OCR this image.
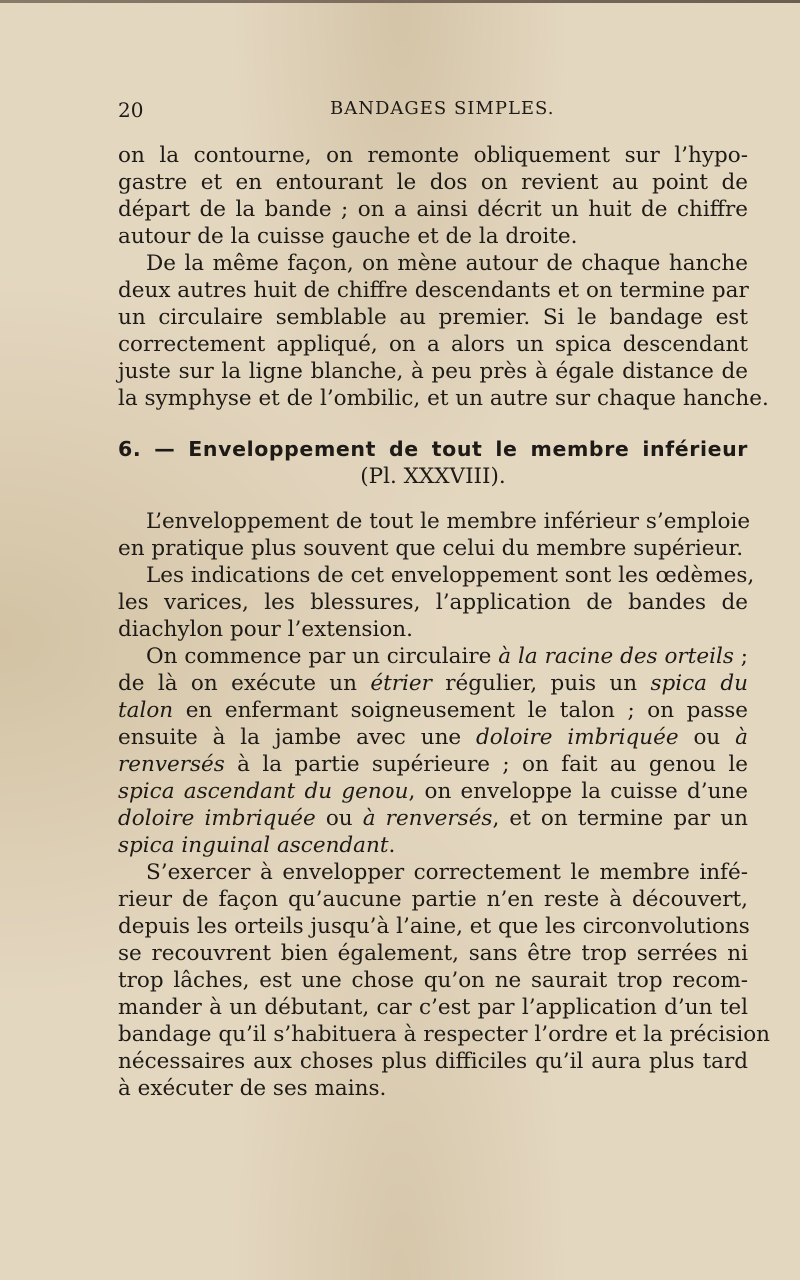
20	BANDAGES SIMPLES.
on la contourne, on remonte obliquement sur l’hypo-
gastre et en entourant le dos on revient au point de
départ de la bande ; on a ainsi décrit un huit de chiffre
autour de la cuisse gauche et de la droite.
De la même façon, on mène autour de chaque hanche
deux autres huit de chiffre descendants et on termine par
un circulaire semblable au premier. Si le bandage est
correctement appliqué, on a alors un spica descendant
juste sur la ligne blanche, à peu près à égale distance de
la symphyse et de l’ombilic, et un autre sur chaque hanche.
6. — Enveloppement de tout le membre inférieur
(Pl. XXXVIII).
L’enveloppement de tout le membre inférieur s’emploie
en pratique plus souvent que celui du membre supérieur.
Les indications de cet enveloppement sont les œdèmes,
les varices, les blessures, l’application de bandes de
diachylon pour l’extension.
On commence par un circulaire à la racine des orteils ;
de là on exécute un étrier régulier, puis un spica du
talon en enfermant soigneusement le talon ; on passe
ensuite à la jambe avec une doloire imbriquée ou à
renversés à la partie supérieure ; on fait au genou le
spica ascendant du genou, on enveloppe la cuisse d’une
doloire imbriquée ou à renversés, et on termine par un
spica inguinal ascendant.
S’exercer à envelopper correctement le membre infé-
rieur de façon qu’aucune partie n’en reste à découvert,
depuis les orteils jusqu’à l’aine, et que les circonvolutions
se recouvrent bien également, sans être trop serrées ni
trop lâches, est une chose qu’on ne saurait trop recom-
mander à un débutant, car c’est par l’application d’un tel
bandage qu’il s’habituera à respecter l’ordre et la précision
nécessaires aux choses plus difficiles qu’il aura plus tard
à exécuter de ses mains.
